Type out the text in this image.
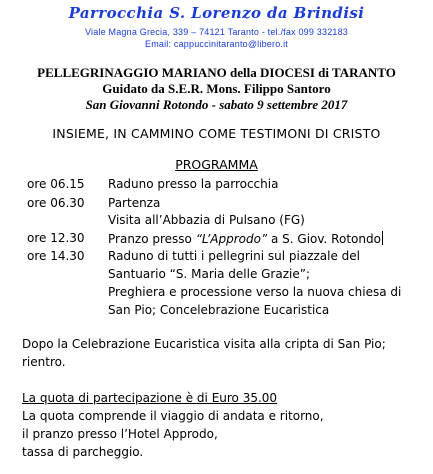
Parrocchia S. Lorenzo da Brindisi
Viale Magna Grecia, 339 – 74121 Taranto - tel./fax 099 332183
Email: cappuccinitaranto@libero.it
PELLEGRINAGGIO MARIANO della DIOCESI di TARANTO
Guidato da S.E.R. Mons. Filippo Santoro
San Giovanni Rotondo - sabato 9 settembre 2017
INSIEME, IN CAMMINO COME TESTIMONI DI CRISTO
PROGRAMMA
ore 06.15 Raduno presso la parrocchia
ore 06.30 Partenza
Visita all’Abbazia di Pulsano (FG)
ore 12.30 Pranzo presso “L’Approdo” a S. Giov. Rotondo
ore 14.30 Raduno di tutti i pellegrini sul piazzale del
Santuario “S. Maria delle Grazie”;
Preghiera e processione verso la nuova chiesa di
San Pio; Concelebrazione Eucaristica
Dopo la Celebrazione Eucaristica visita alla cripta di San Pio;
rientro.
La quota di partecipazione è di Euro 35.00
La quota comprende il viaggio di andata e ritorno,
il pranzo presso l’Hotel Approdo,
tassa di parcheggio.
